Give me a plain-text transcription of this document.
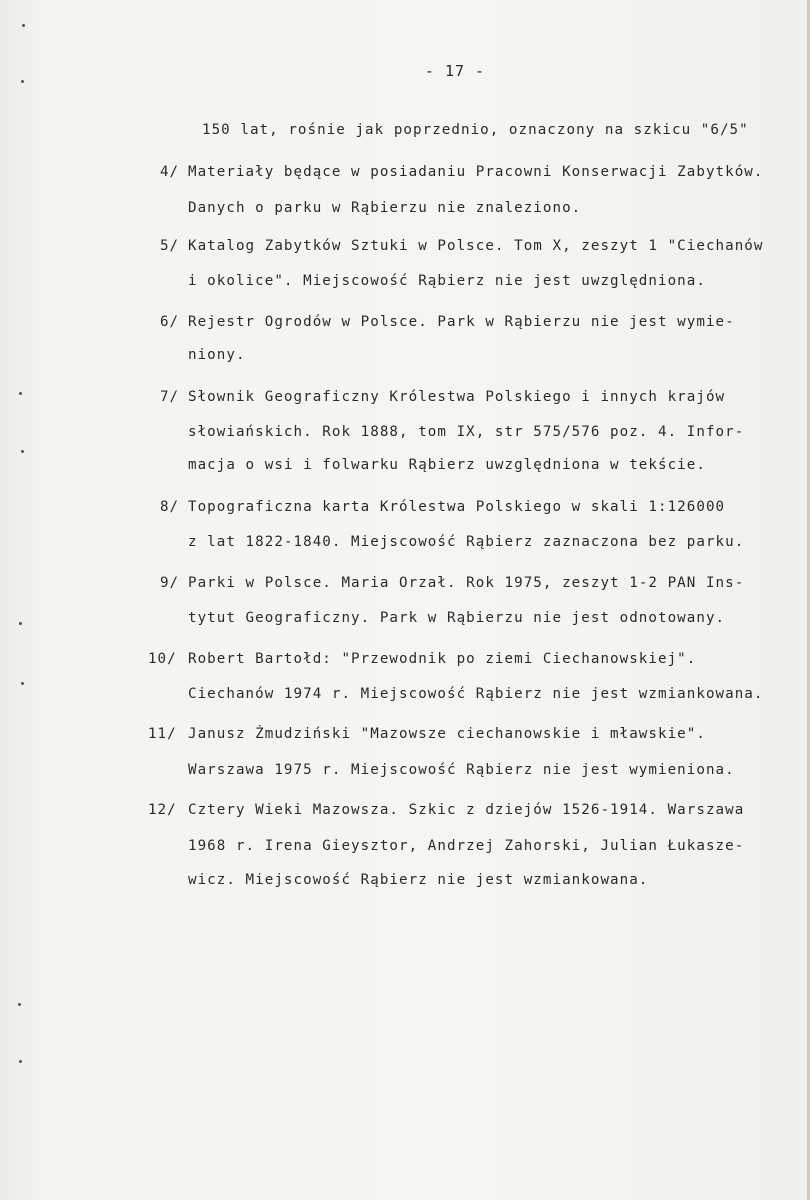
- 17 -
150 lat, rośnie jak poprzednio, oznaczony na szkicu "6/5"
4/ Materiały będące w posiadaniu Pracowni Konserwacji Zabytków.
Danych o parku w Rąbierzu nie znaleziono.
5/ Katalog Zabytków Sztuki w Polsce. Tom X, zeszyt 1 "Ciechanów
i okolice". Miejscowość Rąbierz nie jest uwzględniona.
6/ Rejestr Ogrodów w Polsce. Park w Rąbierzu nie jest wymie-
niony.
7/ Słownik Geograficzny Królestwa Polskiego i innych krajów
słowiańskich. Rok 1888, tom IX, str 575/576 poz. 4. Infor-
macja o wsi i folwarku Rąbierz uwzględniona w tekście.
8/ Topograficzna karta Królestwa Polskiego w skali 1:126000
z lat 1822-1840. Miejscowość Rąbierz zaznaczona bez parku.
9/ Parki w Polsce. Maria Orzał. Rok 1975, zeszyt 1-2 PAN Ins-
tytut Geograficzny. Park w Rąbierzu nie jest odnotowany.
10/ Robert Bartołd: "Przewodnik po ziemi Ciechanowskiej".
Ciechanów 1974 r. Miejscowość Rąbierz nie jest wzmiankowana.
11/ Janusz Żmudziński "Mazowsze ciechanowskie i mławskie".
Warszawa 1975 r. Miejscowość Rąbierz nie jest wymieniona.
12/ Cztery Wieki Mazowsza. Szkic z dziejów 1526-1914. Warszawa
1968 r. Irena Gieysztor, Andrzej Zahorski, Julian Łukasze-
wicz. Miejscowość Rąbierz nie jest wzmiankowana.
